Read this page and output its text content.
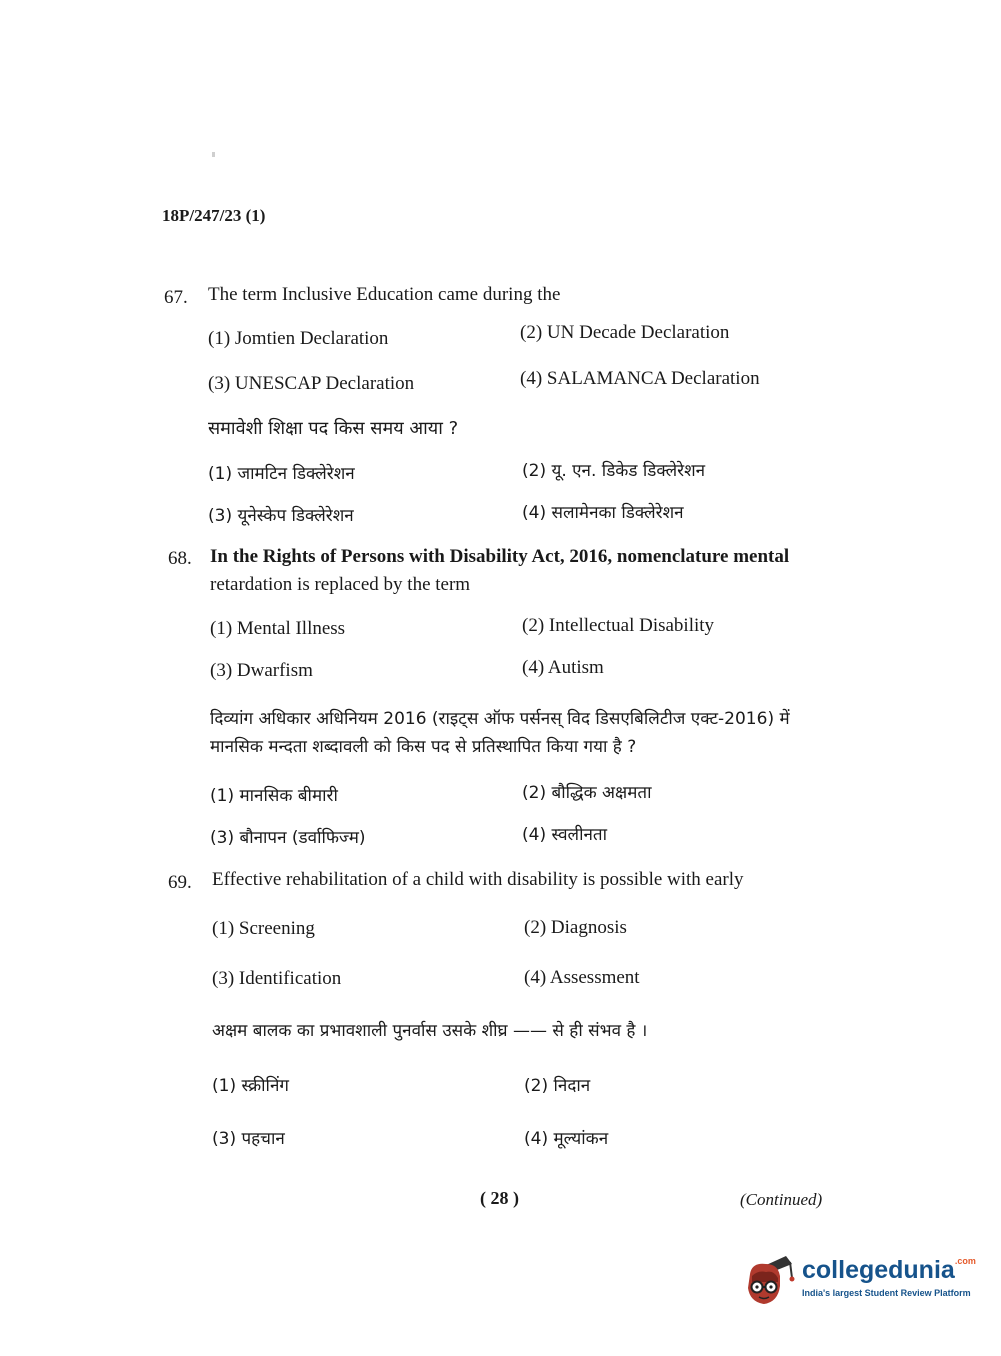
18P/247/23 (1)
67. The term Inclusive Education came during the
(1) Jomtien Declaration	(2) UN Decade Declaration
(3) UNESCAP Declaration	(4) SALAMANCA Declaration
समावेशी शिक्षा पद किस समय आया ?
(1) जामटिन डिक्लेरेशन	(2) यू. एन. डिकेड डिक्लेरेशन
(3) यूनेस्केप डिक्लेरेशन	(4) सलामेनका डिक्लेरेशन
68. In the Rights of Persons with Disability Act, 2016, nomenclature mental
retardation is replaced by the term
(1) Mental Illness	(2) Intellectual Disability
(3) Dwarfism	(4) Autism
दिव्यांग अधिकार अधिनियम 2016 (राइट्स ऑफ पर्सनस् विद डिसएबिलिटीज एक्ट-2016) में
मानसिक मन्दता शब्दावली को किस पद से प्रतिस्थापित किया गया है ?
(1) मानसिक बीमारी	(2) बौद्धिक अक्षमता
(3) बौनापन (डर्वाफिज्म)	(4) स्वलीनता
69. Effective rehabilitation of a child with disability is possible with early
(1) Screening	(2) Diagnosis
(3) Identification	(4) Assessment
अक्षम बालक का प्रभावशाली पुनर्वास उसके शीघ्र —— से ही संभव है ।
(1) स्क्रीनिंग	(2) निदान
(3) पहचान	(4) मूल्यांकन
( 28 )	(Continued)
collegedunia$^{.com}$
India's largest Student Review Platform
